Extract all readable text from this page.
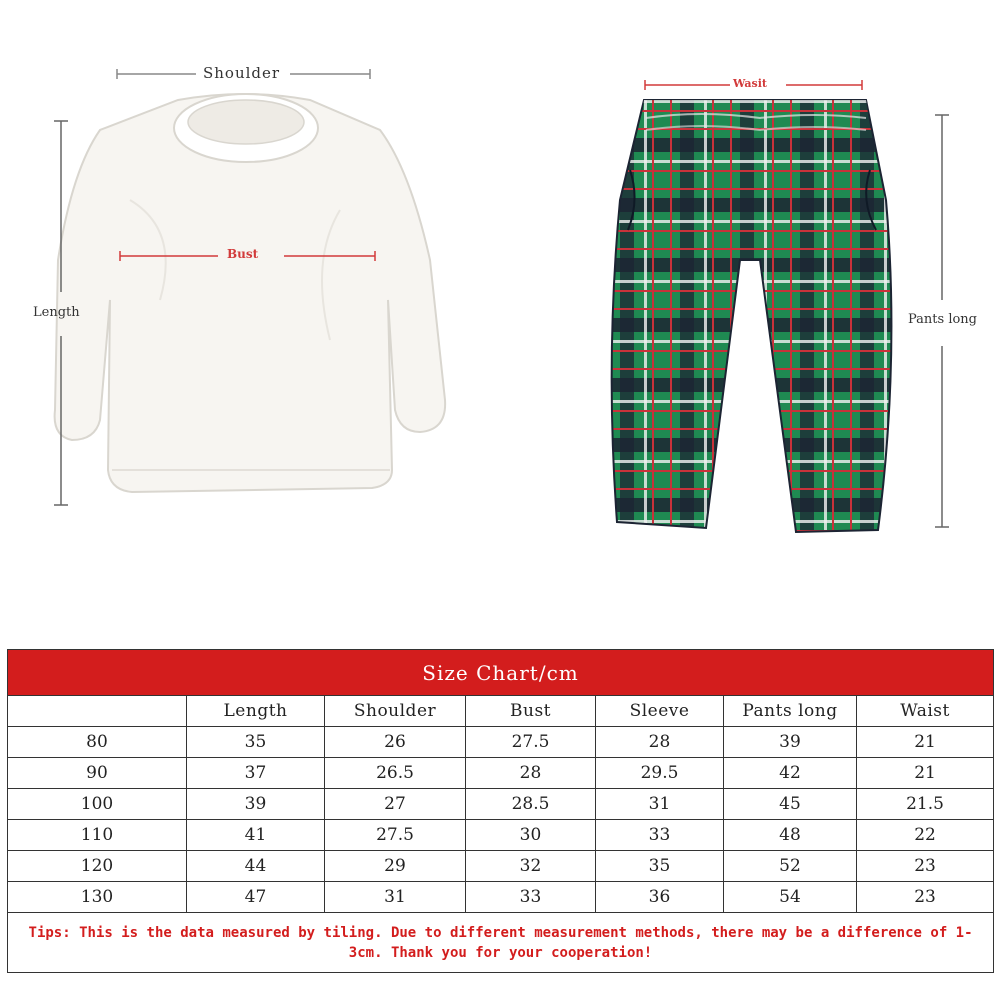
Shoulder
Bust
Length
Wasit
Pants long
Size Chart/cm						
	Length	Shoulder	Bust	Sleeve	Pants long	Waist
80	35	26	27.5	28	39	21
90	37	26.5	28	29.5	42	21
100	39	27	28.5	31	45	21.5
110	41	27.5	30	33	48	22
120	44	29	32	35	52	23
130	47	31	33	36	54	23
Tips: This is the data measured by tiling. Due to different measurement methods, there may be a difference of 1-3cm. Thank you for your cooperation!						
